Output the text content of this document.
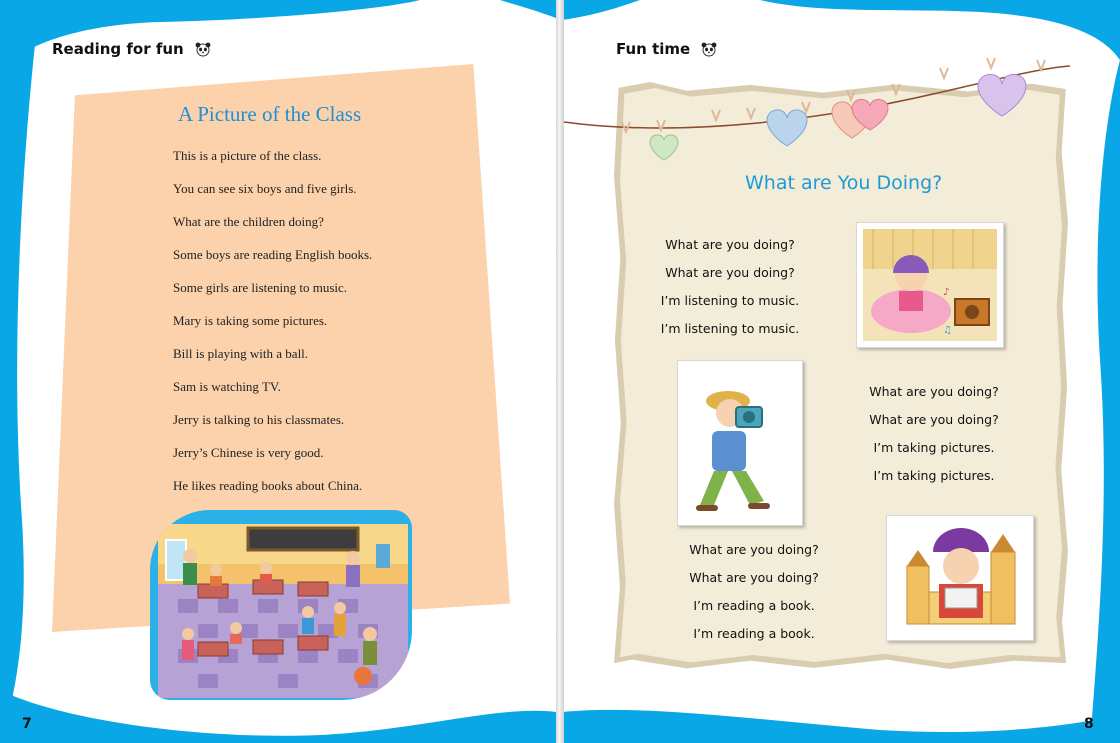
Reading for fun
A Picture of the Class
This is a picture of the class.
You can see six boys and five girls.
What are the children doing?
Some boys are reading English books.
Some girls are listening to music.
Mary is taking some pictures.
Bill is playing with a ball.
Sam is watching TV.
Jerry is talking to his classmates.
Jerry’s Chinese is very good.
He likes reading books about China.
7
Fun time
What are You Doing?
What are you doing?
What are you doing?
I’m listening to music.
I’m listening to music.
What are you doing?
What are you doing?
I’m taking pictures.
I’m taking pictures.
What are you doing?
What are you doing?
I’m reading a book.
I’m reading a book.
♪
♫
8
